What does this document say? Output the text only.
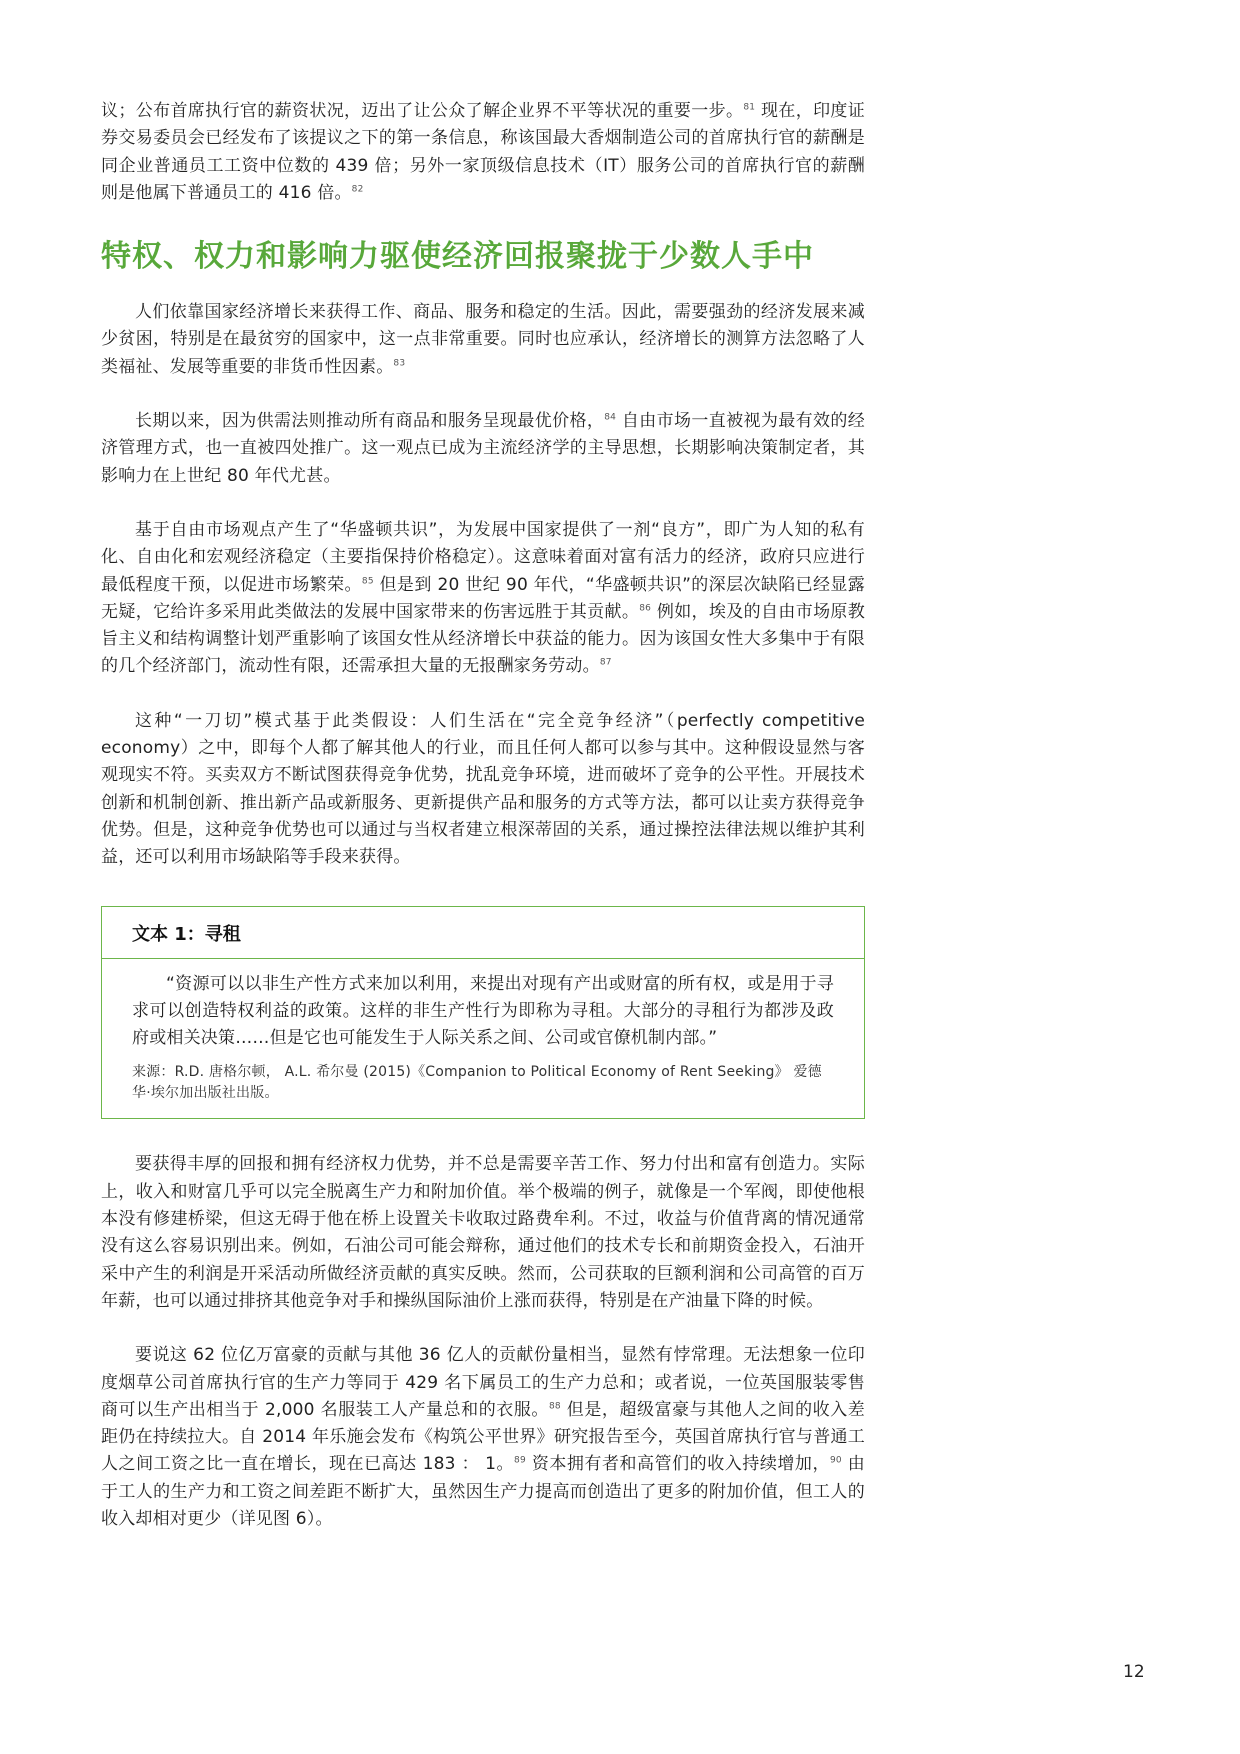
议；公布首席执行官的薪资状况，迈出了让公众了解企业界不平等状况的重要一步。$^{81}$ 现在，印度证券交易委员会已经发布了该提议之下的第一条信息，称该国最大香烟制造公司的首席执行官的薪酬是同企业普通员工工资中位数的 439 倍；另外一家顶级信息技术（IT）服务公司的首席执行官的薪酬则是他属下普通员工的 416 倍。$^{82}$

特权、权力和影响力驱使经济回报聚拢于少数人手中

人们依靠国家经济增长来获得工作、商品、服务和稳定的生活。因此，需要强劲的经济发展来减少贫困，特别是在最贫穷的国家中，这一点非常重要。同时也应承认，经济增长的测算方法忽略了人类福祉、发展等重要的非货币性因素。$^{83}$

长期以来，因为供需法则推动所有商品和服务呈现最优价格，$^{84}$ 自由市场一直被视为最有效的经济管理方式，也一直被四处推广。这一观点已成为主流经济学的主导思想，长期影响决策制定者，其影响力在上世纪 80 年代尤甚。

基于自由市场观点产生了“华盛顿共识”，为发展中国家提供了一剂“良方”，即广为人知的私有化、自由化和宏观经济稳定（主要指保持价格稳定）。这意味着面对富有活力的经济，政府只应进行最低程度干预，以促进市场繁荣。$^{85}$ 但是到 20 世纪 90 年代，“华盛顿共识”的深层次缺陷已经显露无疑，它给许多采用此类做法的发展中国家带来的伤害远胜于其贡献。$^{86}$ 例如，埃及的自由市场原教旨主义和结构调整计划严重影响了该国女性从经济增长中获益的能力。因为该国女性大多集中于有限的几个经济部门，流动性有限，还需承担大量的无报酬家务劳动。$^{87}$

这种“一刀切”模式基于此类假设：人们生活在“完全竞争经济”（perfectly competitive economy）之中，即每个人都了解其他人的行业，而且任何人都可以参与其中。这种假设显然与客观现实不符。买卖双方不断试图获得竞争优势，扰乱竞争环境，进而破坏了竞争的公平性。开展技术创新和机制创新、推出新产品或新服务、更新提供产品和服务的方式等方法，都可以让卖方获得竞争优势。但是，这种竞争优势也可以通过与当权者建立根深蒂固的关系，通过操控法律法规以维护其利益，还可以利用市场缺陷等手段来获得。

文本 1：寻租

“资源可以以非生产性方式来加以利用，来提出对现有产出或财富的所有权，或是用于寻求可以创造特权利益的政策。这样的非生产性行为即称为寻租。大部分的寻租行为都涉及政府或相关决策……但是它也可能发生于人际关系之间、公司或官僚机制内部。”

来源：R.D. 唐格尔顿， A.L. 希尔曼 (2015)《Companion to Political Economy of Rent Seeking》 爱德华·埃尔加出版社出版。

要获得丰厚的回报和拥有经济权力优势，并不总是需要辛苦工作、努力付出和富有创造力。实际上，收入和财富几乎可以完全脱离生产力和附加价值。举个极端的例子，就像是一个军阀，即使他根本没有修建桥梁，但这无碍于他在桥上设置关卡收取过路费牟利。不过，收益与价值背离的情况通常没有这么容易识别出来。例如，石油公司可能会辩称，通过他们的技术专长和前期资金投入，石油开采中产生的利润是开采活动所做经济贡献的真实反映。然而，公司获取的巨额利润和公司高管的百万年薪，也可以通过排挤其他竞争对手和操纵国际油价上涨而获得，特别是在产油量下降的时候。

要说这 62 位亿万富豪的贡献与其他 36 亿人的贡献份量相当，显然有悖常理。无法想象一位印度烟草公司首席执行官的生产力等同于 429 名下属员工的生产力总和；或者说，一位英国服装零售商可以生产出相当于 2,000 名服装工人产量总和的衣服。$^{88}$ 但是，超级富豪与其他人之间的收入差距仍在持续拉大。自 2014 年乐施会发布《构筑公平世界》研究报告至今，英国首席执行官与普通工人之间工资之比一直在增长，现在已高达 183 ： 1。$^{89}$ 资本拥有者和高管们的收入持续增加，$^{90}$ 由于工人的生产力和工资之间差距不断扩大，虽然因生产力提高而创造出了更多的附加价值，但工人的收入却相对更少（详见图 6）。

12
